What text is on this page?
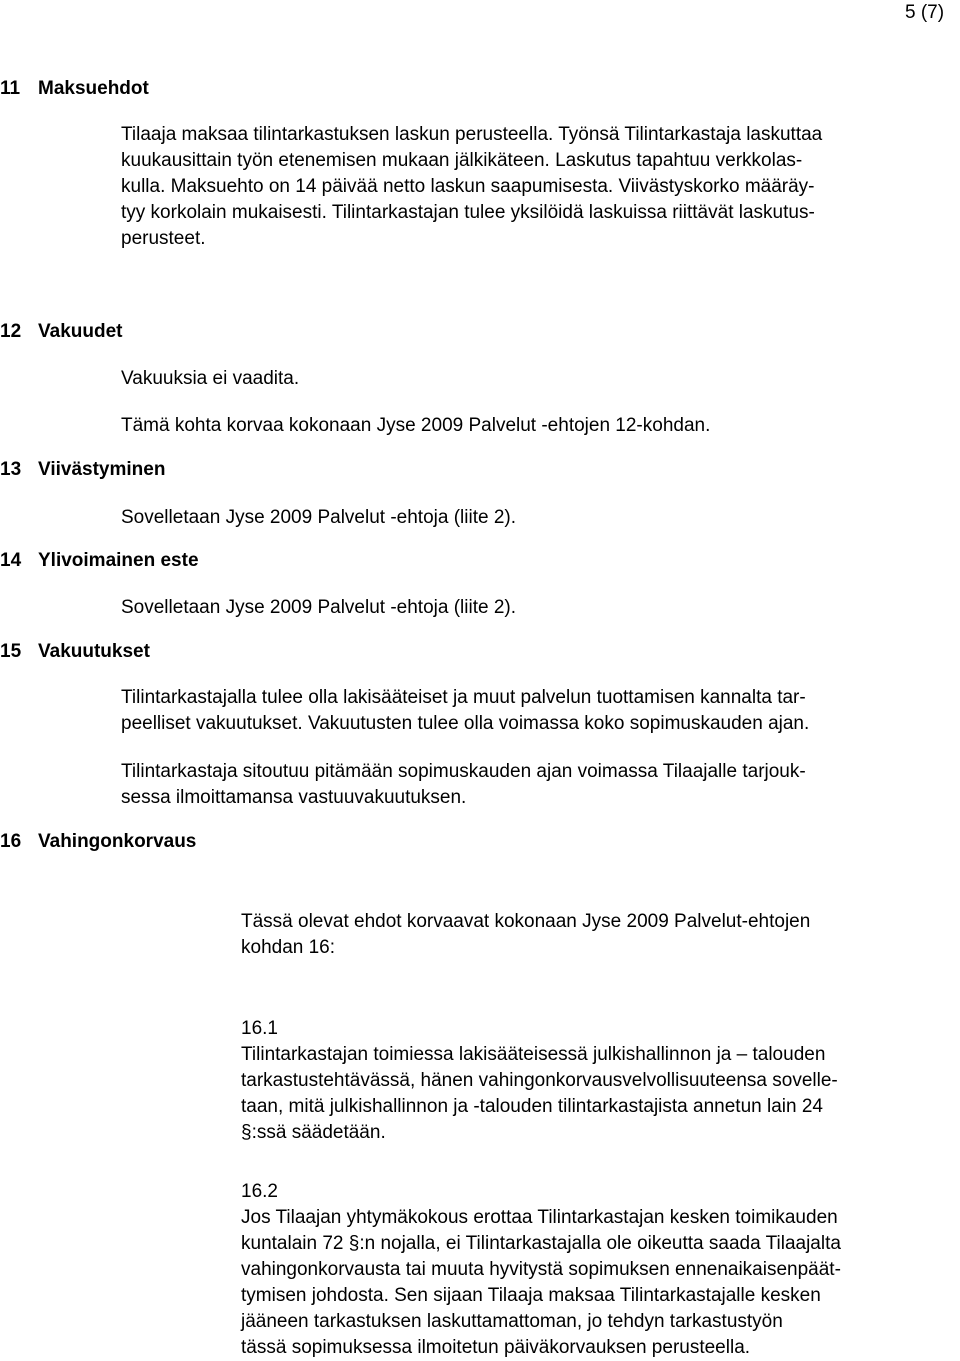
5 (7)
11 Maksuehdot

Tilaaja maksaa tilintarkastuksen laskun perusteella. Työnsä Tilintarkastaja laskuttaa

kuukausittain työn etenemisen mukaan jälkikäteen. Laskutus tapahtuu verkkolas-

kulla. Maksuehto on 14 päivää netto laskun saapumisesta. Viivästyskorko määräy-

tyy korkolain mukaisesti. Tilintarkastajan tulee yksilöidä laskuissa riittävät laskutus-

perusteet.

12 Vakuudet
Vakuuksia ei vaadita.
Tämä kohta korvaa kokonaan Jyse 2009 Palvelut -ehtojen 12-kohdan.
13 Viivästyminen
Sovelletaan Jyse 2009 Palvelut -ehtoja (liite 2).
14 Ylivoimainen este
Sovelletaan Jyse 2009 Palvelut -ehtoja (liite 2).
15 Vakuutukset

Tilintarkastajalla tulee olla lakisääteiset ja muut palvelun tuottamisen kannalta tar-

peelliset vakuutukset. Vakuutusten tulee olla voimassa koko sopimuskauden ajan.

Tilintarkastaja sitoutuu pitämään sopimuskauden ajan voimassa Tilaajalle tarjouk-

sessa ilmoittamansa vastuuvakuutuksen.

16 Vahingonkorvaus

Tässä olevat ehdot korvaavat kokonaan Jyse 2009 Palvelut-ehtojen

kohdan 16:

16.1

Tilintarkastajan toimiessa lakisääteisessä julkishallinnon ja – talouden

tarkastustehtävässä, hänen vahingonkorvausvelvollisuuteensa sovelle-

taan, mitä julkishallinnon ja -talouden tilintarkastajista annetun lain 24

§:ssä säädetään.

16.2

Jos Tilaajan yhtymäkokous erottaa Tilintarkastajan kesken toimikauden

kuntalain 72 §:n nojalla, ei Tilintarkastajalla ole oikeutta saada Tilaajalta

vahingonkorvausta tai muuta hyvitystä sopimuksen ennenaikaisenpäät-

tymisen johdosta. Sen sijaan Tilaaja maksaa Tilintarkastajalle kesken

jääneen tarkastuksen laskuttamattoman, jo tehdyn tarkastustyön

tässä sopimuksessa ilmoitetun päiväkorvauksen perusteella.
